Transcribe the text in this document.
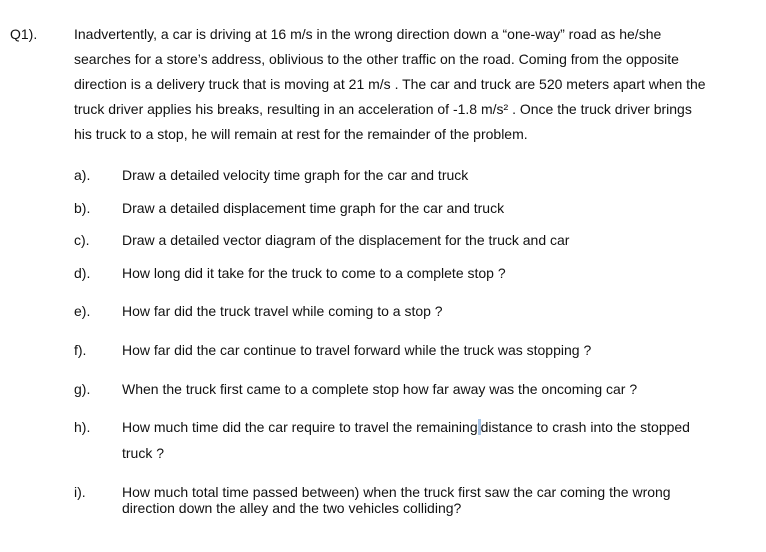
Q1).	Inadvertently, a car is driving at 16 m/s in the wrong direction down a “one-way” road as he/she
searches for a store’s address, oblivious to the other traffic on the road. Coming from the opposite
direction is a delivery truck that is moving at 21 m/s . The car and truck are 520 meters apart when the
truck driver applies his breaks, resulting in an acceleration of -1.8 m/s² . Once the truck driver brings
his truck to a stop, he will remain at rest for the remainder of the problem.
a). Draw a detailed velocity time graph for the car and truck
b). Draw a detailed displacement time graph for the car and truck
c). Draw a detailed vector diagram of the displacement for the truck and car
d). How long did it take for the truck to come to a complete stop ?
e). How far did the truck travel while coming to a stop ?
f).	How far did the car continue to travel forward while the truck was stopping ?
g). When the truck first came to a complete stop how far away was the oncoming car ?
h). How much time did the car require to travel the remaining distance to crash into the stopped
truck ?
i).	How much total time passed between) when the truck first saw the car coming the wrong
direction down the alley and the two vehicles colliding?
